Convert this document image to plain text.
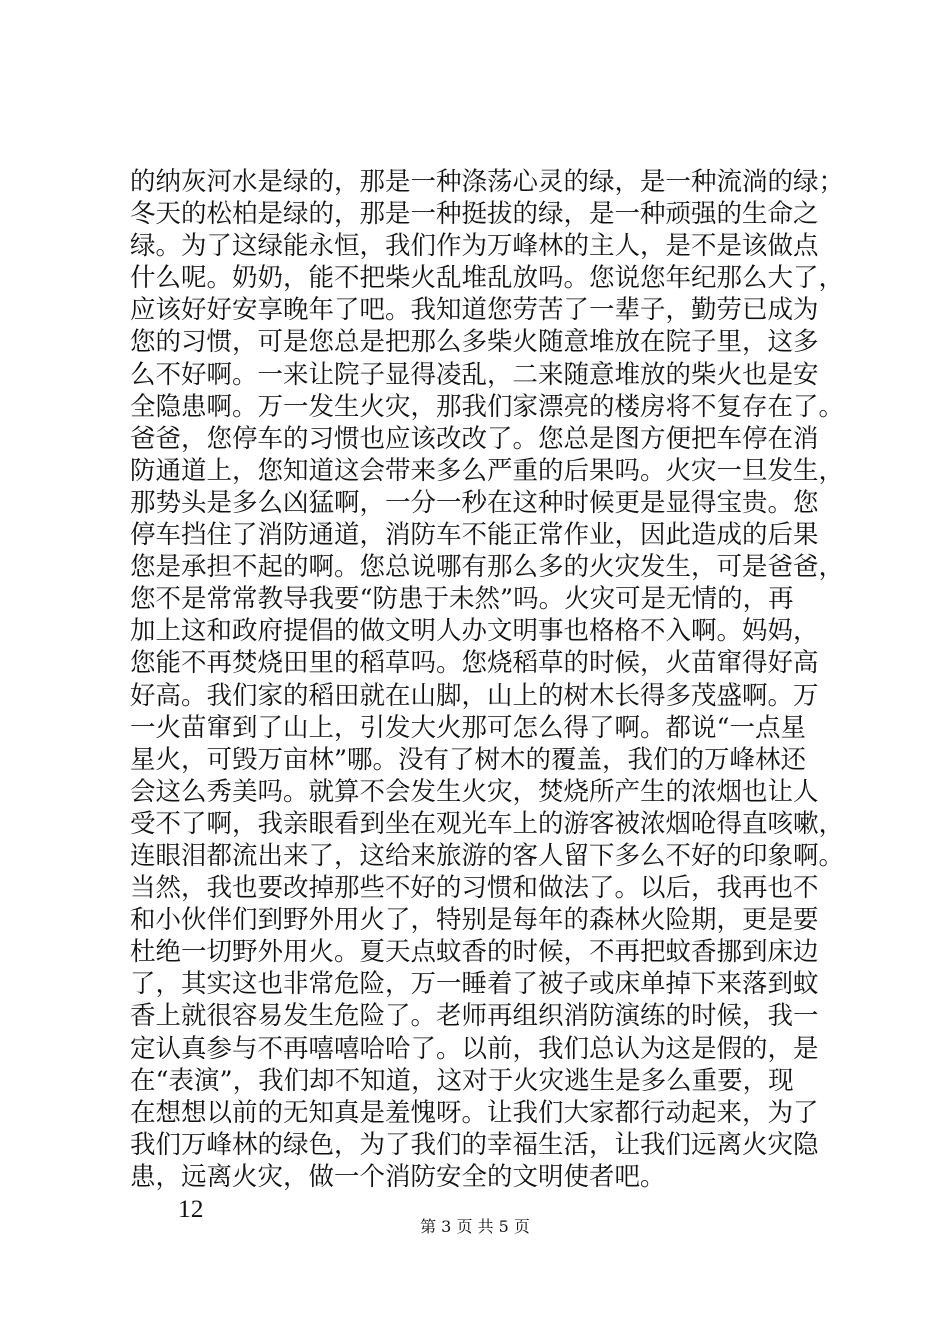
的纳灰河水是绿的，那是一种涤荡心灵的绿，是一种流淌的绿；
冬天的松柏是绿的，那是一种挺拔的绿，是一种顽强的生命之
绿。为了这绿能永恒，我们作为万峰林的主人，是不是该做点
什么呢。奶奶，能不把柴火乱堆乱放吗。您说您年纪那么大了，
应该好好安享晚年了吧。我知道您劳苦了一辈子，勤劳已成为
您的习惯，可是您总是把那么多柴火随意堆放在院子里，这多
么不好啊。一来让院子显得凌乱，二来随意堆放的柴火也是安
全隐患啊。万一发生火灾，那我们家漂亮的楼房将不复存在了。
爸爸，您停车的习惯也应该改改了。您总是图方便把车停在消
防通道上，您知道这会带来多么严重的后果吗。火灾一旦发生，
那势头是多么凶猛啊，一分一秒在这种时候更是显得宝贵。您
停车挡住了消防通道，消防车不能正常作业，因此造成的后果
您是承担不起的啊。您总说哪有那么多的火灾发生，可是爸爸，
您不是常常教导我要“防患于未然”吗。火灾可是无情的，再
加上这和政府提倡的做文明人办文明事也格格不入啊。妈妈，
您能不再焚烧田里的稻草吗。您烧稻草的时候，火苗窜得好高
好高。我们家的稻田就在山脚，山上的树木长得多茂盛啊。万
一火苗窜到了山上，引发大火那可怎么得了啊。都说“一点星
星火，可毁万亩林”哪。没有了树木的覆盖，我们的万峰林还
会这么秀美吗。就算不会发生火灾，焚烧所产生的浓烟也让人
受不了啊，我亲眼看到坐在观光车上的游客被浓烟呛得直咳嗽，
连眼泪都流出来了，这给来旅游的客人留下多么不好的印象啊。
当然，我也要改掉那些不好的习惯和做法了。以后，我再也不
和小伙伴们到野外用火了，特别是每年的森林火险期，更是要
杜绝一切野外用火。夏天点蚊香的时候，不再把蚊香挪到床边
了，其实这也非常危险，万一睡着了被子或床单掉下来落到蚊
香上就很容易发生危险了。老师再组织消防演练的时候，我一
定认真参与不再嘻嘻哈哈了。以前，我们总认为这是假的，是
在“表演”，我们却不知道，这对于火灾逃生是多么重要，现
在想想以前的无知真是羞愧呀。让我们大家都行动起来，为了
我们万峰林的绿色，为了我们的幸福生活，让我们远离火灾隐
患，远离火灾，做一个消防安全的文明使者吧。
12
第 3 页 共 5 页
